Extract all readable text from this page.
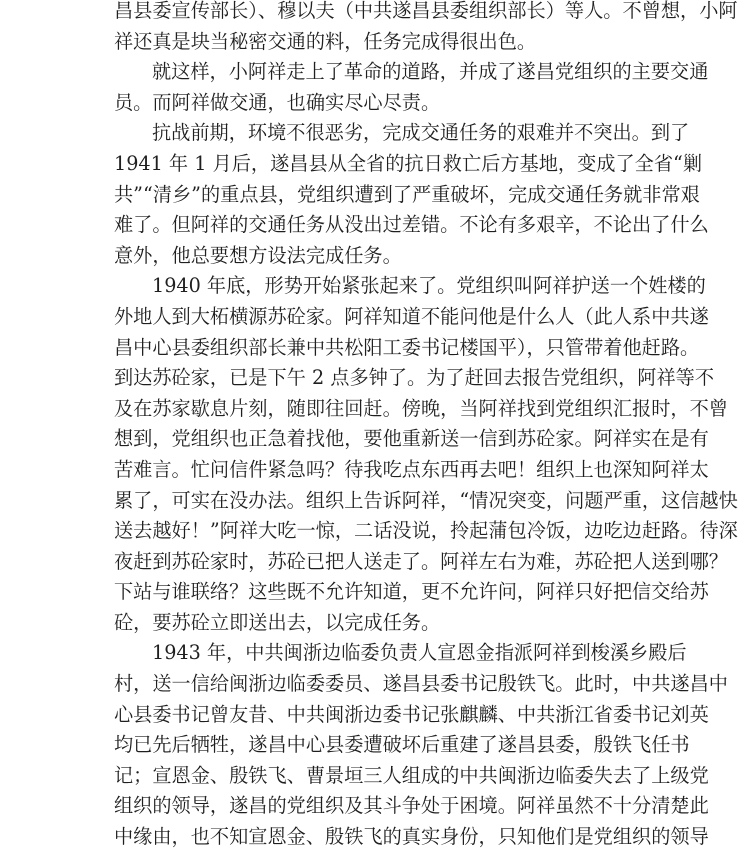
昌县委宣传部长）、穆以夫（中共遂昌县委组织部长）等人。不曾想，小阿
祥还真是块当秘密交通的料，任务完成得很出色。
就这样，小阿祥走上了革命的道路，并成了遂昌党组织的主要交通
员。而阿祥做交通，也确实尽心尽责。
抗战前期，环境不很恶劣，完成交通任务的艰难并不突出。到了
1941 年 1 月后，遂昌县从全省的抗日救亡后方基地，变成了全省“剿
共”“清乡”的重点县，党组织遭到了严重破坏，完成交通任务就非常艰
难了。但阿祥的交通任务从没出过差错。不论有多艰辛，不论出了什么
意外，他总要想方设法完成任务。
1940 年底，形势开始紧张起来了。党组织叫阿祥护送一个姓楼的
外地人到大柘横源苏砼家。阿祥知道不能问他是什么人（此人系中共遂
昌中心县委组织部长兼中共松阳工委书记楼国平），只管带着他赶路。
到达苏砼家，已是下午 2 点多钟了。为了赶回去报告党组织，阿祥等不
及在苏家歇息片刻，随即往回赶。傍晚，当阿祥找到党组织汇报时，不曾
想到，党组织也正急着找他，要他重新送一信到苏砼家。阿祥实在是有
苦难言。忙问信件紧急吗？待我吃点东西再去吧！组织上也深知阿祥太
累了，可实在没办法。组织上告诉阿祥，“情况突变，问题严重，这信越快
送去越好！”阿祥大吃一惊，二话没说，拎起蒲包冷饭，边吃边赶路。待深
夜赶到苏砼家时，苏砼已把人送走了。阿祥左右为难，苏砼把人送到哪？
下站与谁联络？这些既不允许知道，更不允许问，阿祥只好把信交给苏
砼，要苏砼立即送出去，以完成任务。
1943 年，中共闽浙边临委负责人宣恩金指派阿祥到梭溪乡殿后
村，送一信给闽浙边临委委员、遂昌县委书记殷铁飞。此时，中共遂昌中
心县委书记曾友昔、中共闽浙边委书记张麒麟、中共浙江省委书记刘英
均已先后牺牲，遂昌中心县委遭破坏后重建了遂昌县委，殷铁飞任书
记；宣恩金、殷铁飞、曹景垣三人组成的中共闽浙边临委失去了上级党
组织的领导，遂昌的党组织及其斗争处于困境。阿祥虽然不十分清楚此
中缘由，也不知宣恩金、殷铁飞的真实身份，只知他们是党组织的领导
